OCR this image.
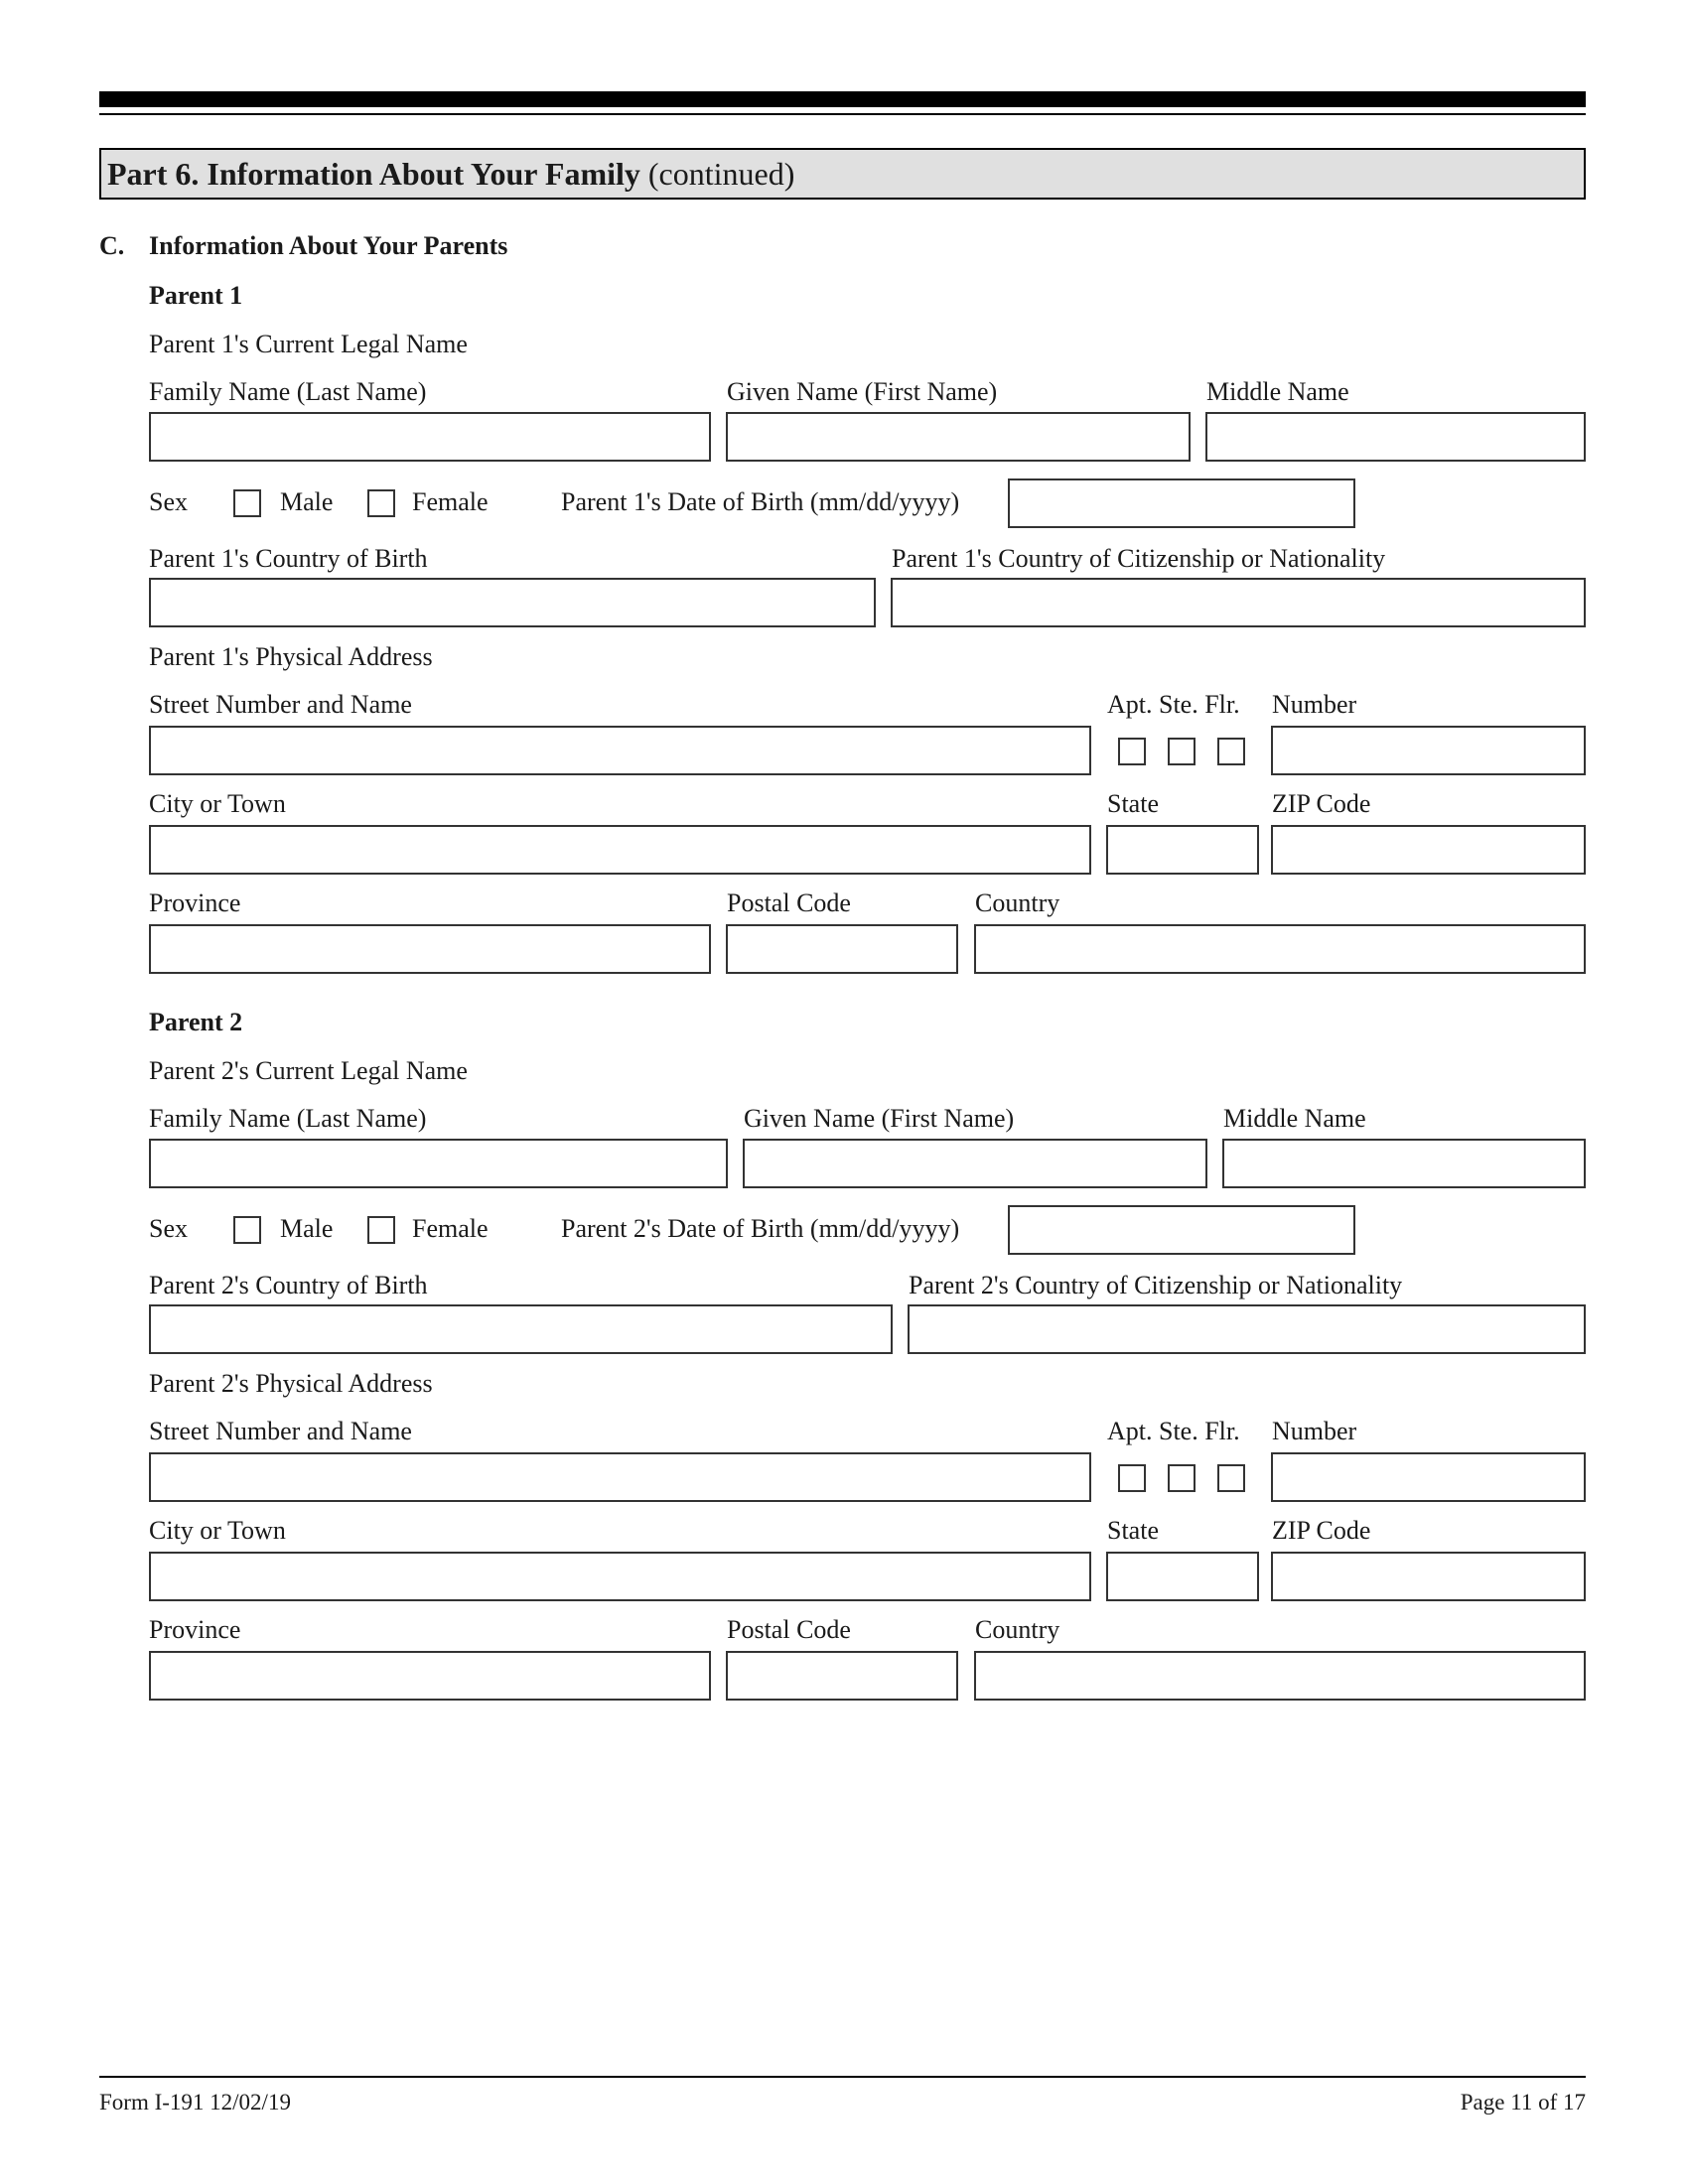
Part 6. Information About Your Family (continued)
C. Information About Your Parents
Parent 1
Parent 1's Current Legal Name
Family Name (Last Name)	Given Name (First Name)	Middle Name
Sex	Male	Female	Parent 1's Date of Birth (mm/dd/yyyy)
Parent 1's Country of Birth	Parent 1's Country of Citizenship or Nationality
Parent 1's Physical Address
Street Number and Name	Apt. Ste. Flr. Number
City or Town	State	ZIP Code
Province	Postal Code	Country
Parent 2
Parent 2's Current Legal Name
Family Name (Last Name)	Given Name (First Name)	Middle Name
Sex	Male	Female	Parent 2's Date of Birth (mm/dd/yyyy)
Parent 2's Country of Birth	Parent 2's Country of Citizenship or Nationality
Parent 2's Physical Address
Street Number and Name	Apt. Ste. Flr. Number
City or Town	State	ZIP Code
Province	Postal Code	Country
Form I-191 12/02/19	Page 11 of 17
